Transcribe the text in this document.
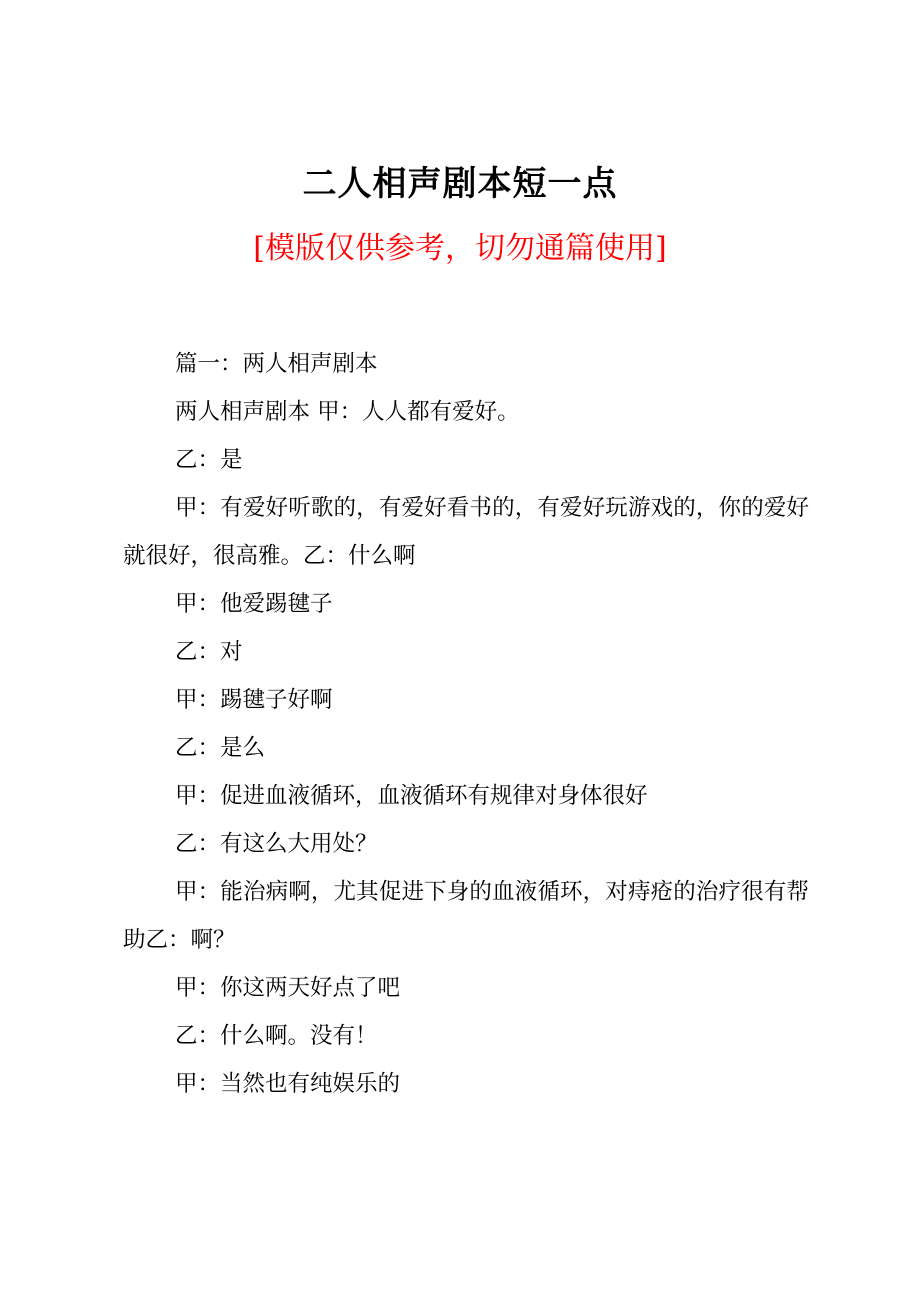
二人相声剧本短一点
[模版仅供参考，切勿通篇使用]

篇一：两人相声剧本

两人相声剧本 甲：人人都有爱好。

乙：是

甲：有爱好听歌的，有爱好看书的，有爱好玩游戏的，你的爱好就很好，很高雅。乙：什么啊

甲：他爱踢毽子

乙：对

甲：踢毽子好啊

乙：是么

甲：促进血液循环，血液循环有规律对身体很好

乙：有这么大用处？

甲：能治病啊，尤其促进下身的血液循环，对痔疮的治疗很有帮助乙：啊？

甲：你这两天好点了吧

乙：什么啊。没有！

甲：当然也有纯娱乐的
